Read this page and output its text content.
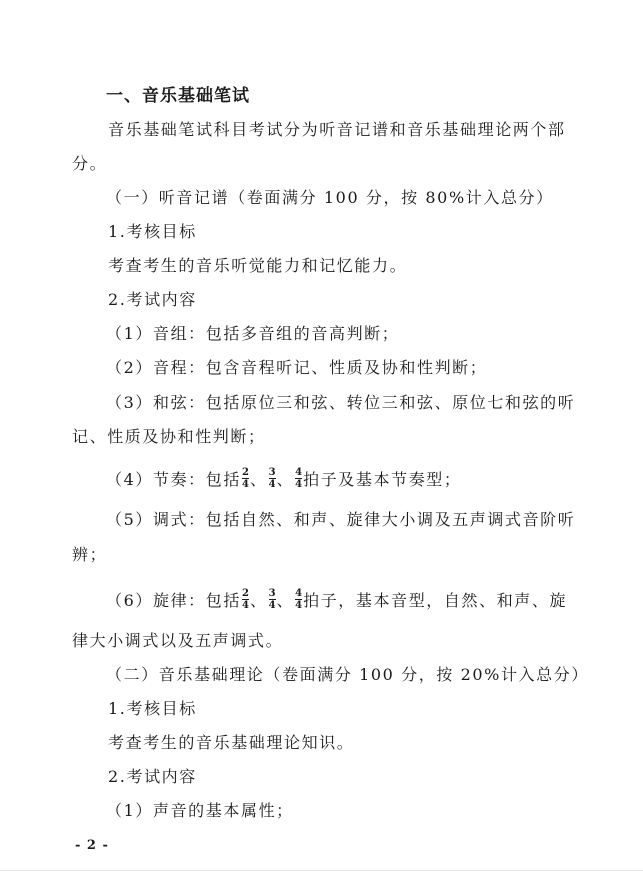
一、音乐基础笔试
音乐基础笔试科目考试分为听音记谱和音乐基础理论两个部
分。
（一）听音记谱（卷面满分 100 分，按 80%计入总分）
1.考核目标
考查考生的音乐听觉能力和记忆能力。
2.考试内容
（1）音组：包括多音组的音高判断；
（2）音程：包含音程听记、性质及协和性判断；
（3）和弦：包括原位三和弦、转位三和弦、原位七和弦的听
记、性质及协和性判断；
（4）节奏：包括 $\frac{2}{4}$ 、 $\frac{3}{4}$ 、 $\frac{4}{4}$ 拍子及基本节奏型；
（5）调式：包括自然、和声、旋律大小调及五声调式音阶听
辨；
（6）旋律：包括 $\frac{2}{4}$ 、 $\frac{3}{4}$ 、 $\frac{4}{4}$ 拍子，基本音型，自然、和声、旋
律大小调式以及五声调式。
（二）音乐基础理论（卷面满分 100 分，按 20%计入总分）
1.考核目标
考查考生的音乐基础理论知识。
2.考试内容
（1）声音的基本属性；
- 2 -
